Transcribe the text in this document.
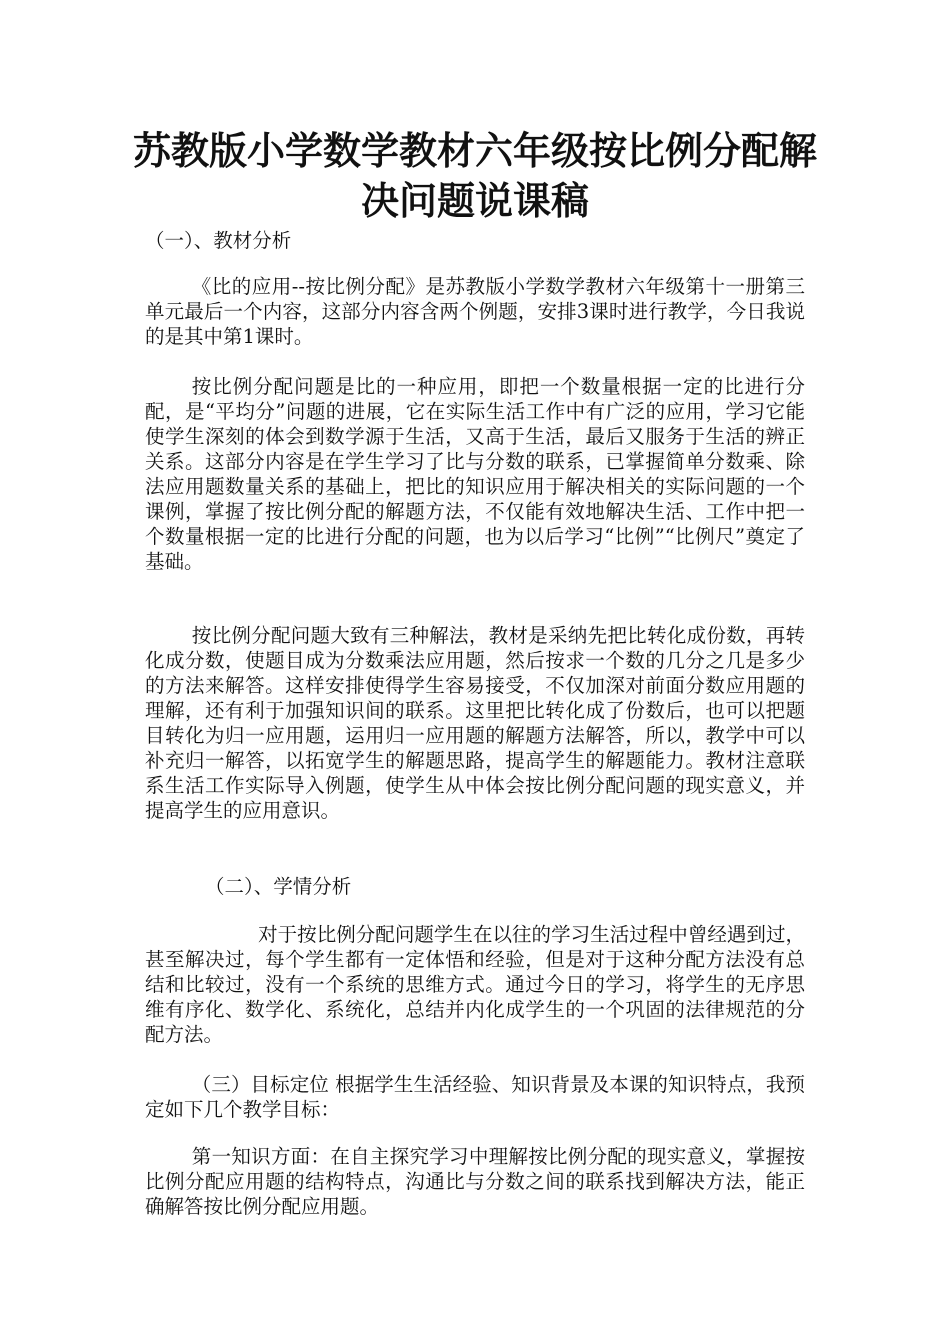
苏教版小学数学教材六年级按比例分配解决问题说课稿

（一）、教材分析

《比的应用--按比例分配》是苏教版小学数学教材六年级第十一册第三单元最后一个内容，这部分内容含两个例题，安排3课时进行教学，今日我说的是其中第1课时。

按比例分配问题是比的一种应用，即把一个数量根据一定的比进行分配，是“平均分”问题的进展，它在实际生活工作中有广泛的应用，学习它能使学生深刻的体会到数学源于生活，又高于生活，最后又服务于生活的辨正关系。这部分内容是在学生学习了比与分数的联系，已掌握简单分数乘、除法应用题数量关系的基础上，把比的知识应用于解决相关的实际问题的一个课例，掌握了按比例分配的解题方法，不仅能有效地解决生活、工作中把一个数量根据一定的比进行分配的问题，也为以后学习“比例”“比例尺”奠定了基础。

按比例分配问题大致有三种解法，教材是采纳先把比转化成份数，再转化成分数，使题目成为分数乘法应用题，然后按求一个数的几分之几是多少的方法来解答。这样安排使得学生容易接受，不仅加深对前面分数应用题的理解，还有利于加强知识间的联系。这里把比转化成了份数后，也可以把题目转化为归一应用题，运用归一应用题的解题方法解答，所以，教学中可以补充归一解答，以拓宽学生的解题思路，提高学生的解题能力。教材注意联系生活工作实际导入例题，使学生从中体会按比例分配问题的现实意义，并提高学生的应用意识。

（二）、学情分析

对于按比例分配问题学生在以往的学习生活过程中曾经遇到过，甚至解决过，每个学生都有一定体悟和经验，但是对于这种分配方法没有总结和比较过，没有一个系统的思维方式。通过今日的学习，将学生的无序思维有序化、数学化、系统化，总结并内化成学生的一个巩固的法律规范的分配方法。

（三）目标定位 根据学生生活经验、知识背景及本课的知识特点，我预定如下几个教学目标：

第一知识方面：在自主探究学习中理解按比例分配的现实意义，掌握按比例分配应用题的结构特点，沟通比与分数之间的联系找到解决方法，能正确解答按比例分配应用题。
